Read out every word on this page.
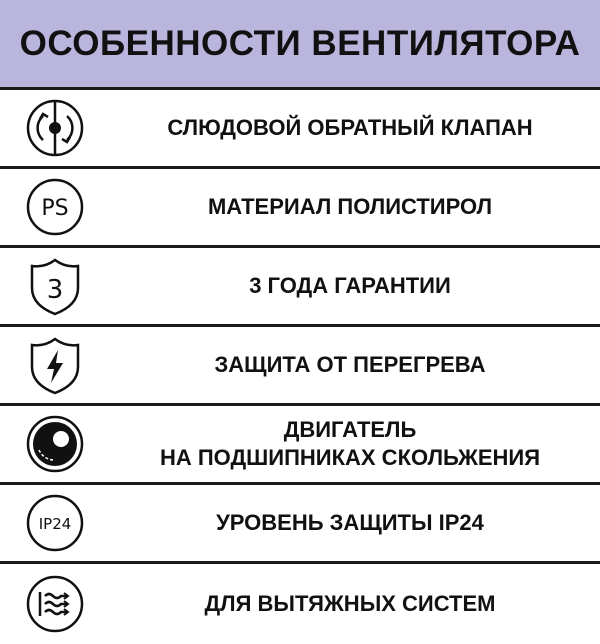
ОСОБЕННОСТИ ВЕНТИЛЯТОРА
СЛЮДОВОЙ ОБРАТНЫЙ КЛАПАН
PS	МАТЕРИАЛ ПОЛИСТИРОЛ
3	3 ГОДА ГАРАНТИИ
ЗАЩИТА ОТ ПЕРЕГРЕВА
ДВИГАТЕЛЬ
НА ПОДШИПНИКАХ СКОЛЬЖЕНИЯ
IP24	УРОВЕНЬ ЗАЩИТЫ IP24
ДЛЯ ВЫТЯЖНЫХ СИСТЕМ
